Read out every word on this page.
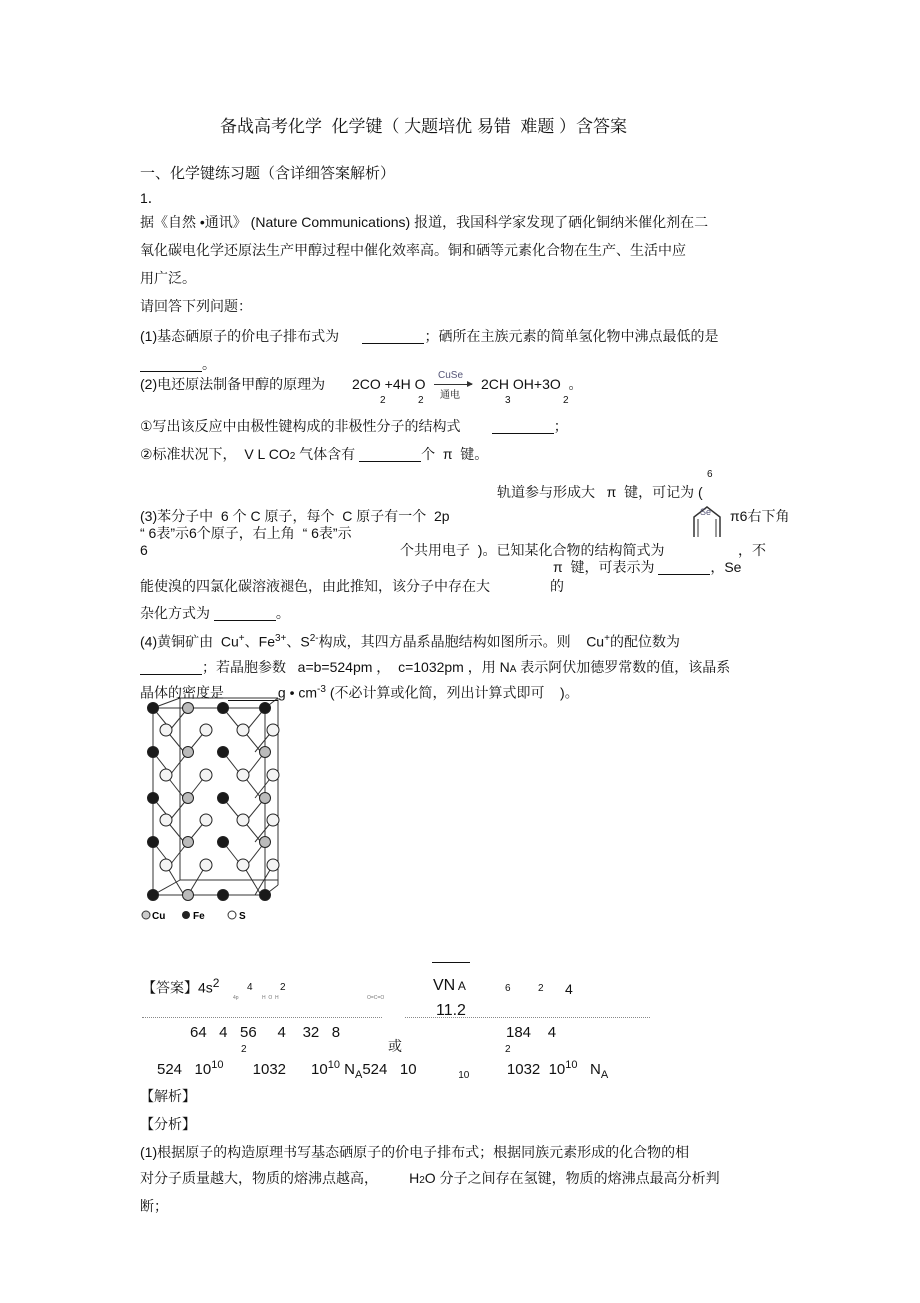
备战高考化学  化学键（ 大题培优 易错  难题 ）含答案
一、化学键练习题（含详细答案解析）
1．
据《自然 •通讯》 (Nature Communications) 报道，我国科学家发现了硒化铜纳米催化剂在二
氧化碳电化学还原法生产甲醇过程中催化效率高。铜和硒等元素化合物在生产、生活中应
用广泛。
请回答下列问题：
(1)基态硒原子的价电子排布式为	；硒所在主族元素的简单氢化物中沸点最低的是
。
(2)电还原法制备甲醇的原理为 2CO +4H O
CuSe
通电
2CH OH+3O  。
2	2	3	2
①写出该反应中由极性键构成的非极性分子的结构式	；
②标准状况下，  V L CO2 气体含有	个  π  键。
6
轨道参与形成大   π  键，可记为 (
(3)苯分子中  6 个 C 原子，每个  C 原子有一个  2p	Se π6右下角
“ 6表”示6个原子，右上角  “ 6表”示
6	个共用电子  )。已知某化合物的结构简式为	，不
π  键，可表示为	，Se
能使溴的四氯化碳溶液褪色，由此推知，该分子中存在大	的
杂化方式为	。
(4)黄铜矿由  Cu+、$Fe^{3+}$、$S^{2-}$构成，其四方晶系晶胞结构如图所示。则    Cu+的配位数为
；若晶胞参数   a=b=524pm ，  c=1032pm ，用 NA 表示阿伏加德罗常数的值，该晶系
晶体的密度是	g • $cm^{-3}$ (不必计算或化简，列出计算式即可    )。
Cu	Fe	S
【答案】$4s^2$	4	2
4p	H  O  H	O=C=O
VN A
11.2
6	2 4
64   4   56     4    32   8
2	或
184    4
2
524   $10^{10}$ 1032 $10^{10}$ $N_A524$   10	$_{10}$	1032  $10^{10}$ $N_A$
【解析】
【分析】
(1)根据原子的构造原理书写基态硒原子的价电子排布式；根据同族元素形成的化合物的相
对分子质量越大，物质的熔沸点越高，        H2O 分子之间存在氢键，物质的熔沸点最高分析判
断；
